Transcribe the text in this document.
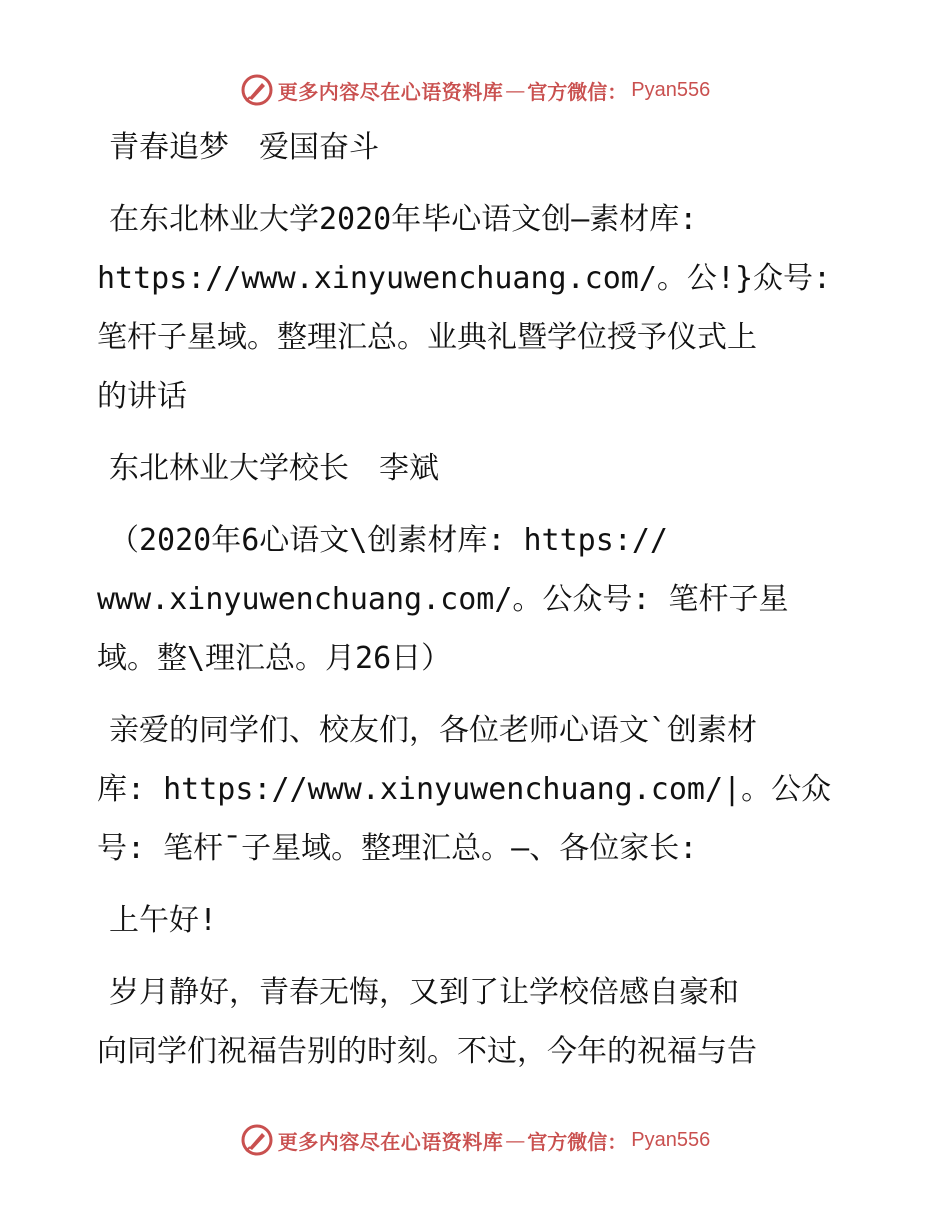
更多内容尽在心语资料库 — 官方微信： Pyan556
青春追梦　爱国奋斗
在东北林业大学2020年毕心语文创—素材库:
https://www.xinyuwenchuang.com/。公!}众号:
笔杆子星域。整理汇总。业典礼暨学位授予仪式上
的讲话
东北林业大学校长　李斌
（2020年6心语文\创素材库: https://
www.xinyuwenchuang.com/。公众号: 笔杆子星
域。整\理汇总。月26日）
亲爱的同学们、校友们，各位老师心语文`创素材
库: https://www.xinyuwenchuang.com/|。公众
号: 笔杆¯子星域。整理汇总。—、各位家长:
上午好!
岁月静好，青春无悔，又到了让学校倍感自豪和
向同学们祝福告别的时刻。不过，今年的祝福与告
更多内容尽在心语资料库 — 官方微信： Pyan556
